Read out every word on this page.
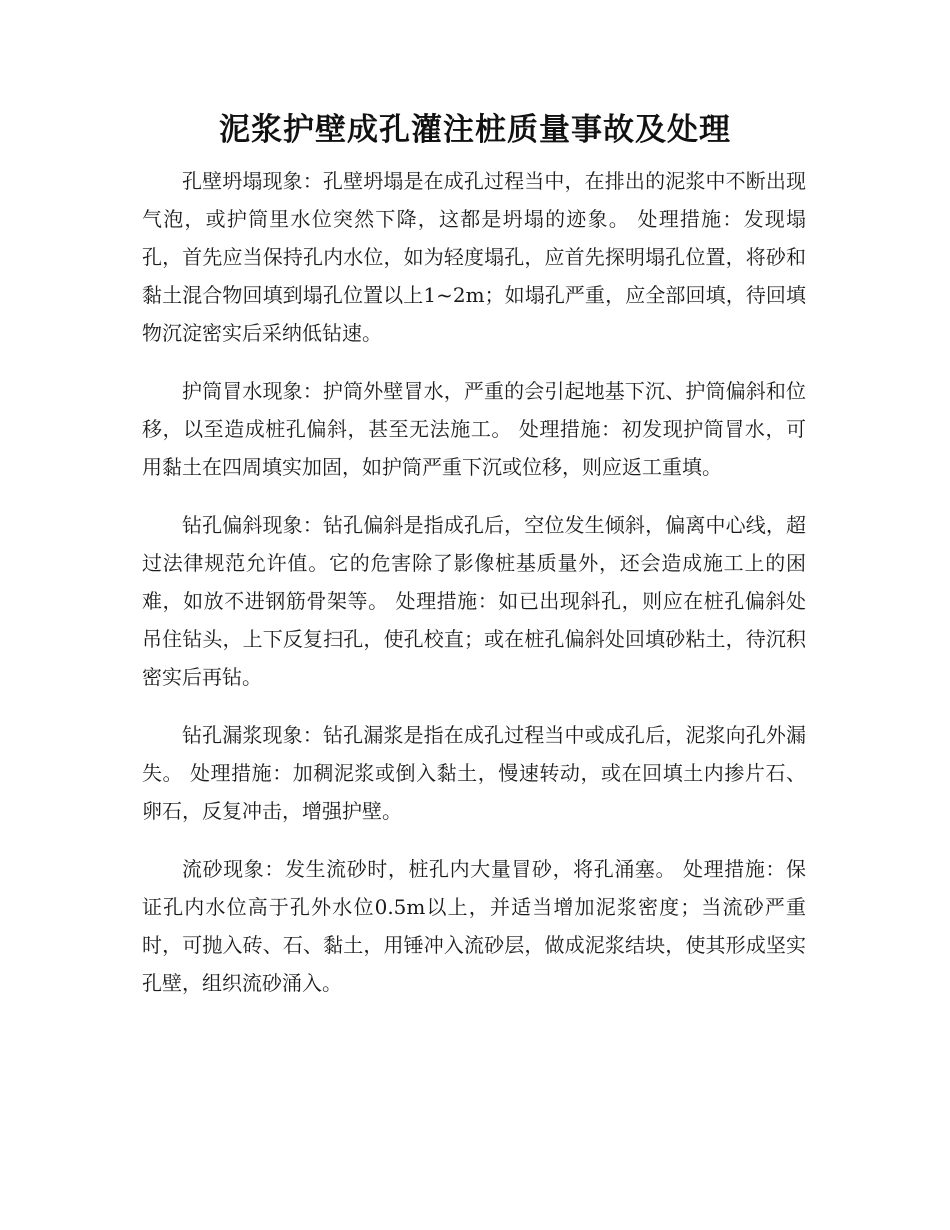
泥浆护壁成孔灌注桩质量事故及处理

孔壁坍塌现象：孔壁坍塌是在成孔过程当中，在排出的泥浆中不断出现气泡，或护筒里水位突然下降，这都是坍塌的迹象。 处理措施：发现塌孔，首先应当保持孔内水位，如为轻度塌孔，应首先探明塌孔位置，将砂和黏土混合物回填到塌孔位置以上1~2m；如塌孔严重，应全部回填，待回填物沉淀密实后采纳低钻速。

护筒冒水现象：护筒外壁冒水，严重的会引起地基下沉、护筒偏斜和位移，以至造成桩孔偏斜，甚至无法施工。 处理措施：初发现护筒冒水，可用黏土在四周填实加固，如护筒严重下沉或位移，则应返工重填。

钻孔偏斜现象：钻孔偏斜是指成孔后，空位发生倾斜，偏离中心线，超过法律规范允许值。它的危害除了影像桩基质量外，还会造成施工上的困难，如放不进钢筋骨架等。 处理措施：如已出现斜孔，则应在桩孔偏斜处吊住钻头，上下反复扫孔，使孔校直；或在桩孔偏斜处回填砂粘土，待沉积密实后再钻。

钻孔漏浆现象：钻孔漏浆是指在成孔过程当中或成孔后，泥浆向孔外漏失。 处理措施：加稠泥浆或倒入黏土，慢速转动，或在回填土内掺片石、卵石，反复冲击，增强护壁。

流砂现象：发生流砂时，桩孔内大量冒砂，将孔涌塞。 处理措施：保证孔内水位高于孔外水位0.5m以上，并适当增加泥浆密度；当流砂严重时，可抛入砖、石、黏土，用锤冲入流砂层，做成泥浆结块，使其形成坚实孔壁，组织流砂涌入。
